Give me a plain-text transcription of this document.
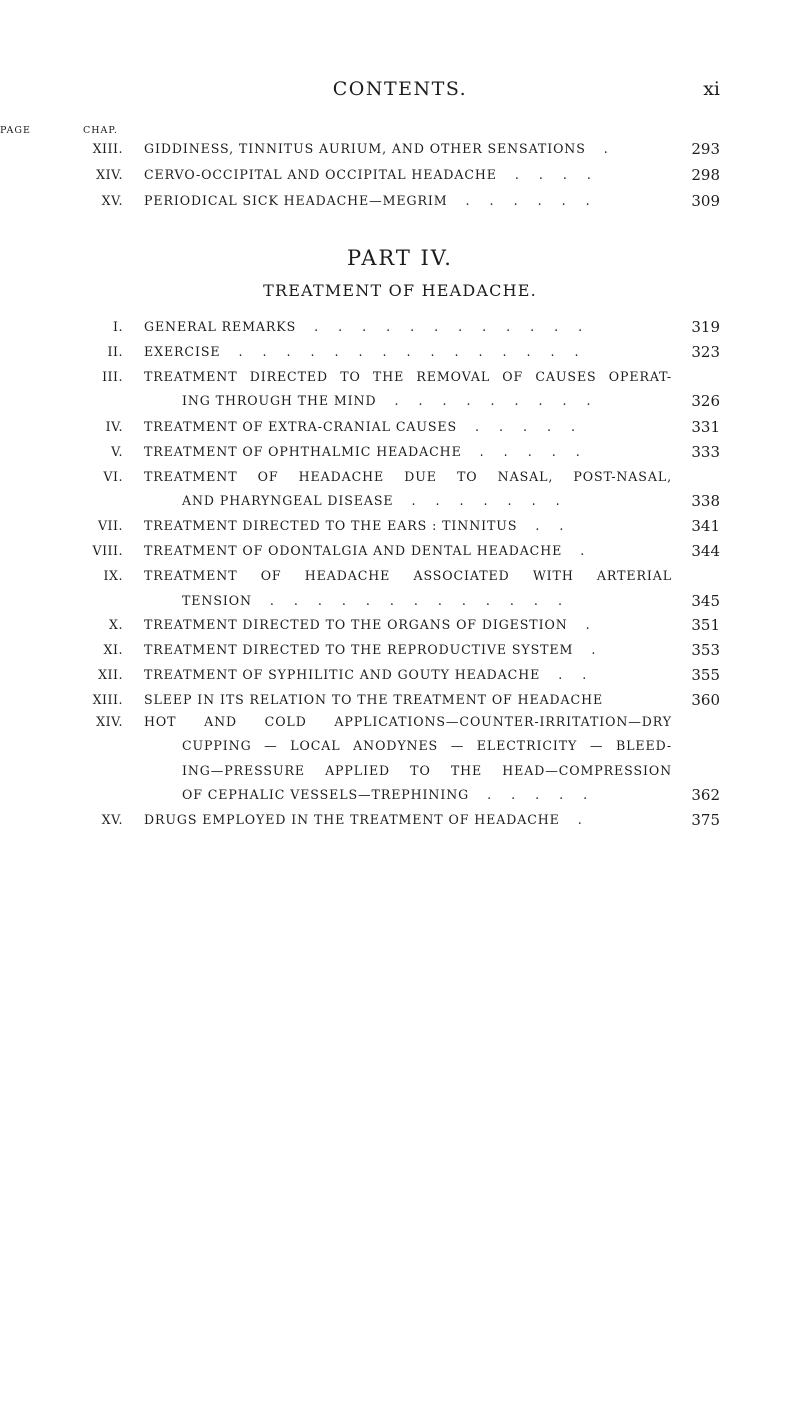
CONTENTS.	xi
CHAP.
PAGE
XIII. GIDDINESS, TINNITUS AURIUM, AND OTHER SENSATIONS .	293
XIV. CERVO-OCCIPITAL AND OCCIPITAL HEADACHE . . . .	298
XV. PERIODICAL SICK HEADACHE—MEGRIM . . . . . .	309
PART IV.
TREATMENT OF HEADACHE.
I. GENERAL REMARKS . . . . . . . . . . . .	319
II. EXERCISE . . . . . . . . . . . . . . .	323
III. TREATMENT DIRECTED TO THE REMOVAL OF CAUSES OPERAT-
ING THROUGH THE MIND . . . . . . . . .	326
IV. TREATMENT OF EXTRA-CRANIAL CAUSES . . . . .	331
V. TREATMENT OF OPHTHALMIC HEADACHE . . . . .	333
VI. TREATMENT OF HEADACHE DUE TO NASAL, POST-NASAL,
AND PHARYNGEAL DISEASE . . . . . . .	338
VII. TREATMENT DIRECTED TO THE EARS : TINNITUS . .	341
VIII. TREATMENT OF ODONTALGIA AND DENTAL HEADACHE .	344
IX. TREATMENT OF HEADACHE ASSOCIATED WITH ARTERIAL
TENSION . . . . . . . . . . . . .	345
X. TREATMENT DIRECTED TO THE ORGANS OF DIGESTION .	351
XI. TREATMENT DIRECTED TO THE REPRODUCTIVE SYSTEM .	353
XII. TREATMENT OF SYPHILITIC AND GOUTY HEADACHE . .	355
XIII. SLEEP IN ITS RELATION TO THE TREATMENT OF HEADACHE	360
XIV. HOT AND COLD APPLICATIONS—COUNTER-IRRITATION—DRY
CUPPING — LOCAL ANODYNES — ELECTRICITY — BLEED-
ING—PRESSURE APPLIED TO THE HEAD—COMPRESSION
OF CEPHALIC VESSELS—TREPHINING . . . . .	362
XV. DRUGS EMPLOYED IN THE TREATMENT OF HEADACHE .	375
